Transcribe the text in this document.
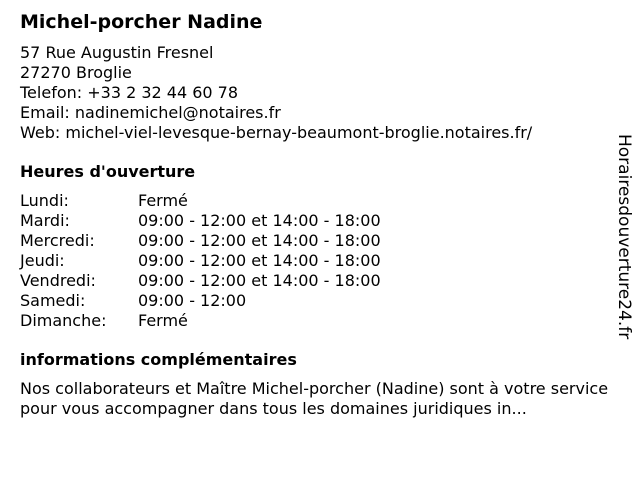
Michel-porcher Nadine
57 Rue Augustin Fresnel
27270 Broglie
Telefon: +33 2 32 44 60 78
Email: nadinemichel@notaires.fr
Web: michel-viel-levesque-bernay-beaumont-broglie.notaires.fr/
Heures d'ouverture
Lundi:	Fermé
Mardi:	09:00 - 12:00 et 14:00 - 18:00
Mercredi:	09:00 - 12:00 et 14:00 - 18:00
Jeudi:	09:00 - 12:00 et 14:00 - 18:00
Vendredi:	09:00 - 12:00 et 14:00 - 18:00
Samedi:	09:00 - 12:00
Dimanche:	Fermé
informations complémentaires
Nos collaborateurs et Maître Michel-porcher (Nadine) sont à votre service pour vous accompagner dans tous les domaines juridiques in...
Horairesdouverture24.fr
